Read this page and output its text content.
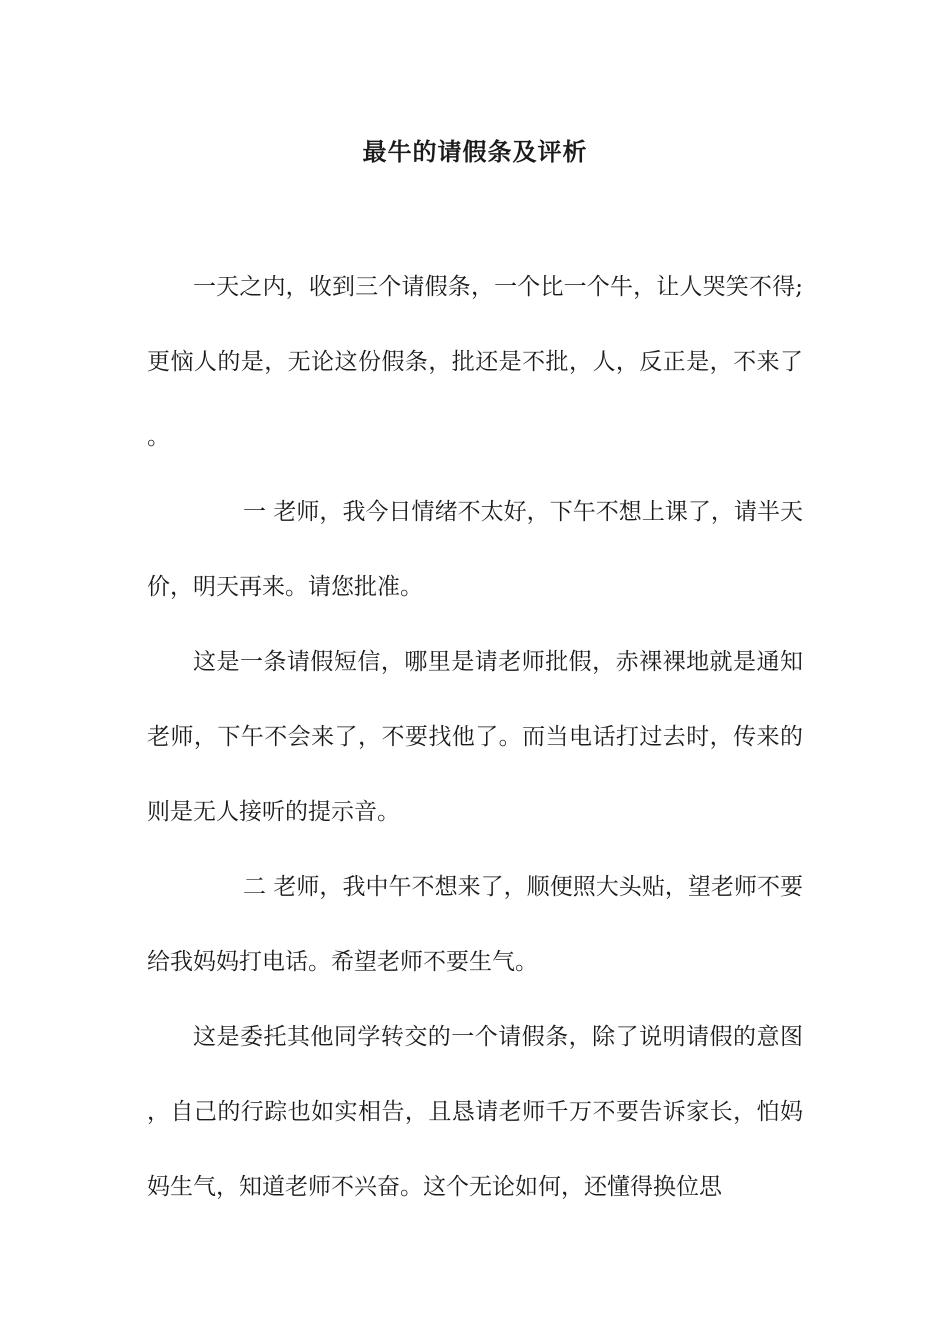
最牛的请假条及评析

一天之内，收到三个请假条，一个比一个牛，让人哭笑不得;更恼人的是，无论这份假条，批还是不批，人，反正是，不来了。

一 老师，我今日情绪不太好，下午不想上课了，请半天价，明天再来。请您批准。

这是一条请假短信，哪里是请老师批假，赤裸裸地就是通知老师，下午不会来了，不要找他了。而当电话打过去时，传来的则是无人接听的提示音。

二 老师，我中午不想来了，顺便照大头贴，望老师不要给我妈妈打电话。希望老师不要生气。

这是委托其他同学转交的一个请假条，除了说明请假的意图，自己的行踪也如实相告，且恳请老师千万不要告诉家长，怕妈妈生气，知道老师不兴奋。这个无论如何，还懂得换位思
